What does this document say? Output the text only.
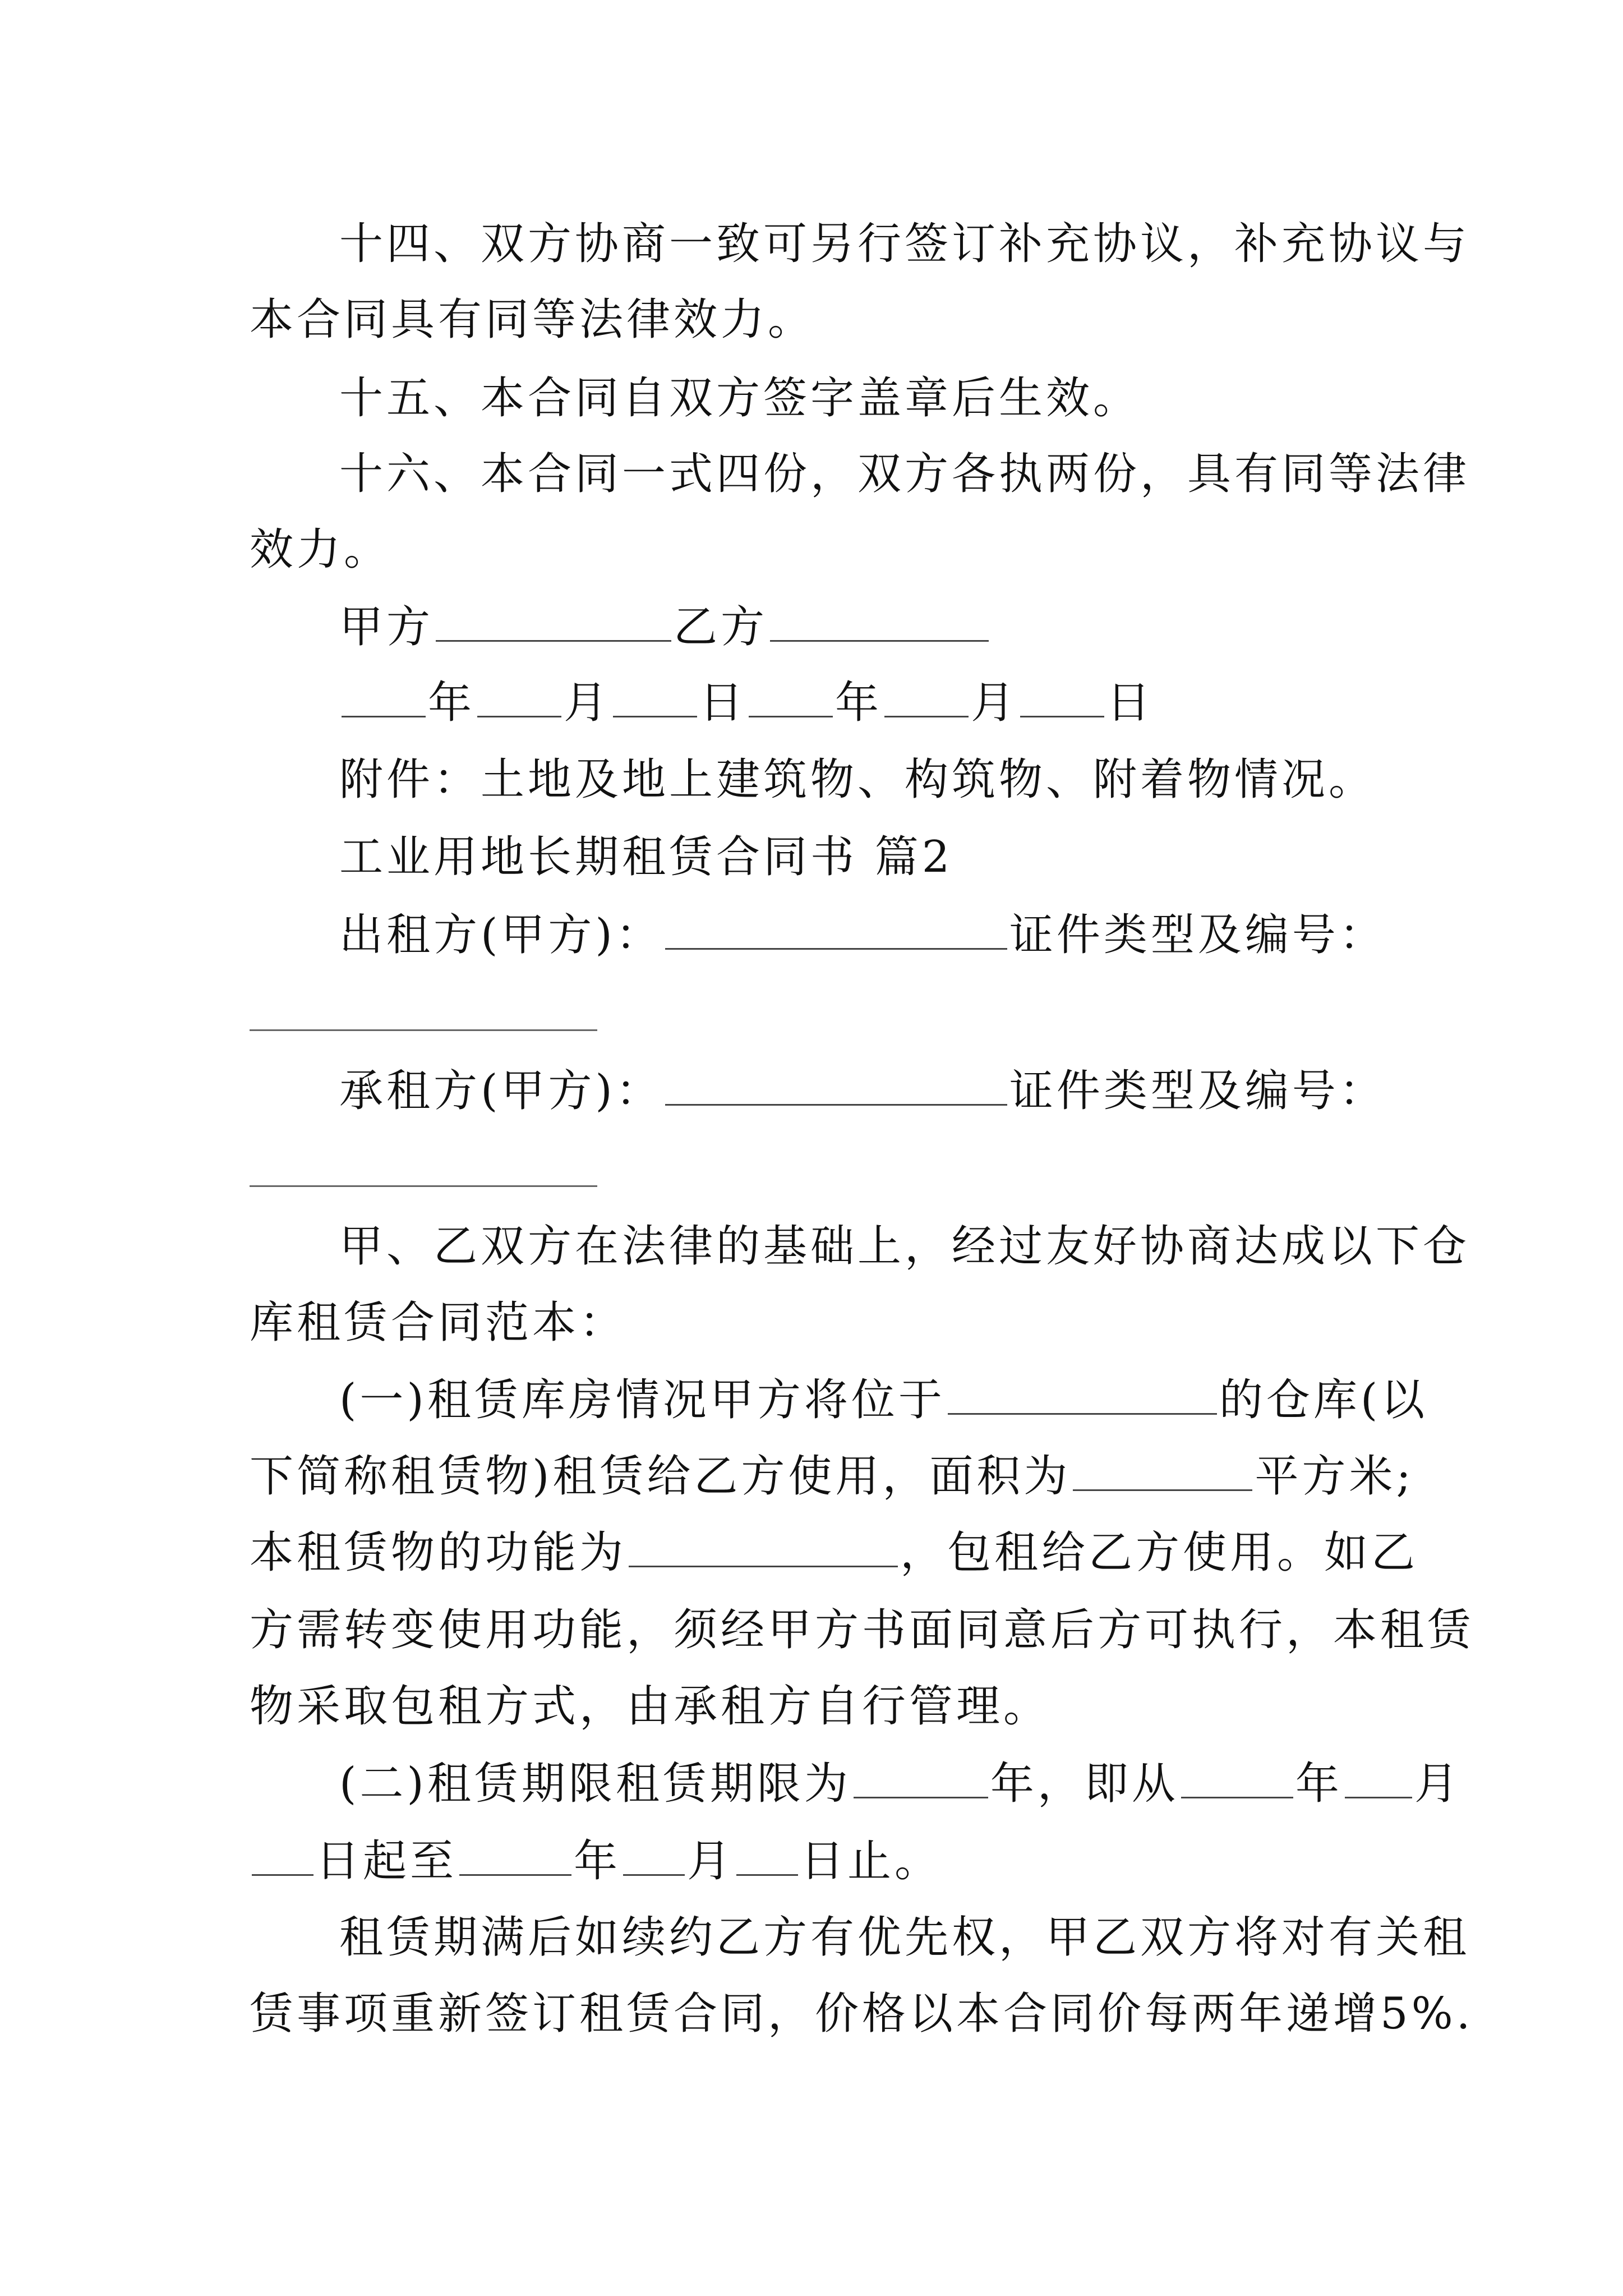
十四、双方协商一致可另行签订补充协议，补充协议与
本合同具有同等法律效力。
十五、本合同自双方签字盖章后生效。
十六、本合同一式四份，双方各执两份，具有同等法律
效力。
甲方	乙方
年 月 日 年 月 日
附件：土地及地上建筑物、构筑物、附着物情况。
工业用地长期租赁合同书 篇2
出租方(甲方)：	证件类型及编号：
承租方(甲方)：	证件类型及编号：
甲、乙双方在法律的基础上，经过友好协商达成以下仓
库租赁合同范本：
(一)租赁库房情况甲方将位于	的仓库(以
下简称租赁物)租赁给乙方使用，面积为	平方米;
本租赁物的功能为	，包租给乙方使用。如乙
方需转变使用功能，须经甲方书面同意后方可执行，本租赁
物采取包租方式，由承租方自行管理。
(二)租赁期限租赁期限为	年，即从	年 月
日起至	年 月 日止。
租赁期满后如续约乙方有优先权，甲乙双方将对有关租
赁事项重新签订租赁合同，价格以本合同价每两年递增5%.
